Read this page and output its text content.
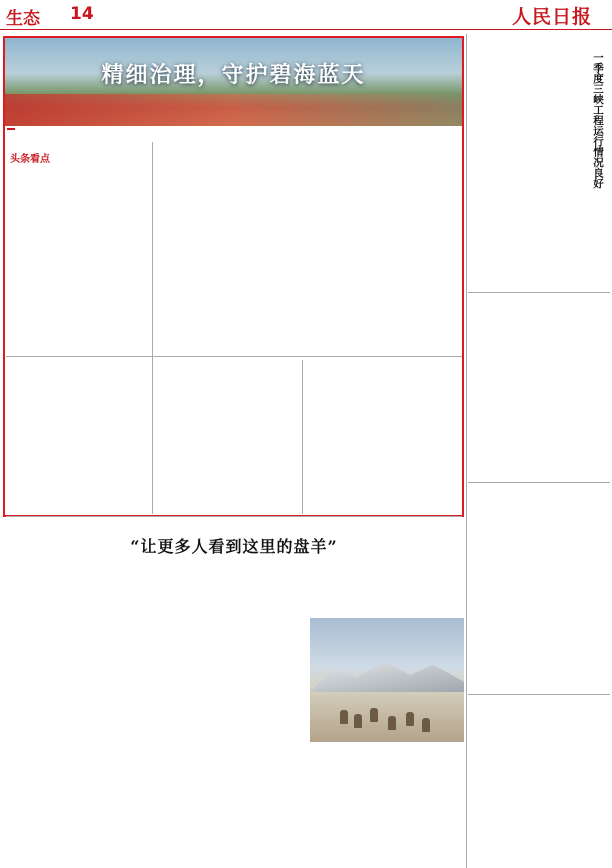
生态 14	人民日报
精细治理，守护碧海蓝天
头条看点	一季度三峡工程运行情况良好
“让更多人看到这里的盘羊”
